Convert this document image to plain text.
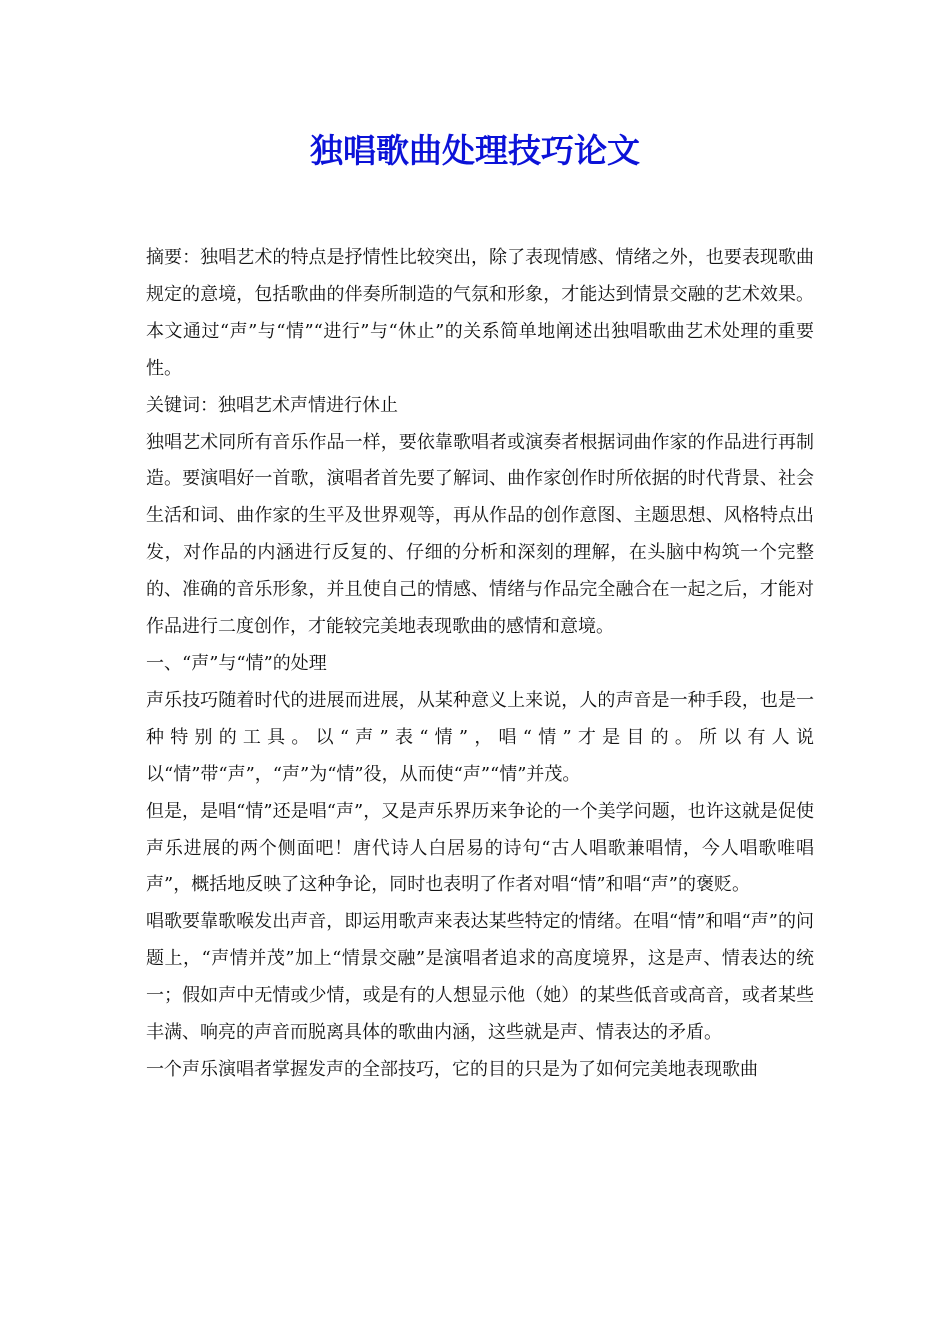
独唱歌曲处理技巧论文

摘要：独唱艺术的特点是抒情性比较突出，除了表现情感、情绪之外，也要表现歌曲规定的意境，包括歌曲的伴奏所制造的气氛和形象，才能达到情景交融的艺术效果。本文通过“声”与“情”“进行”与“休止”的关系简单地阐述出独唱歌曲艺术处理的重要性。

关键词：独唱艺术声情进行休止

独唱艺术同所有音乐作品一样，要依靠歌唱者或演奏者根据词曲作家的作品进行再制造。要演唱好一首歌，演唱者首先要了解词、曲作家创作时所依据的时代背景、社会生活和词、曲作家的生平及世界观等，再从作品的创作意图、主题思想、风格特点出发，对作品的内涵进行反复的、仔细的分析和深刻的理解，在头脑中构筑一个完整的、准确的音乐形象，并且使自己的情感、情绪与作品完全融合在一起之后，才能对作品进行二度创作，才能较完美地表现歌曲的感情和意境。

一、“声”与“情”的处理

声乐技巧随着时代的进展而进展，从某种意义上来说，人的声音是一种手段，也是一种特别的工具。以“声”表“情”，唱“情”才是目的。所以有人说以“情”带“声”，“声”为“情”役，从而使“声”“情”并茂。

但是，是唱“情”还是唱“声”，又是声乐界历来争论的一个美学问题，也许这就是促使声乐进展的两个侧面吧！唐代诗人白居易的诗句“古人唱歌兼唱情，今人唱歌唯唱声”，概括地反映了这种争论，同时也表明了作者对唱“情”和唱“声”的褒贬。

唱歌要靠歌喉发出声音，即运用歌声来表达某些特定的情绪。在唱“情”和唱“声”的问题上，“声情并茂”加上“情景交融”是演唱者追求的高度境界，这是声、情表达的统一；假如声中无情或少情，或是有的人想显示他（她）的某些低音或高音，或者某些丰满、响亮的声音而脱离具体的歌曲内涵，这些就是声、情表达的矛盾。

一个声乐演唱者掌握发声的全部技巧，它的目的只是为了如何完美地表现歌曲
